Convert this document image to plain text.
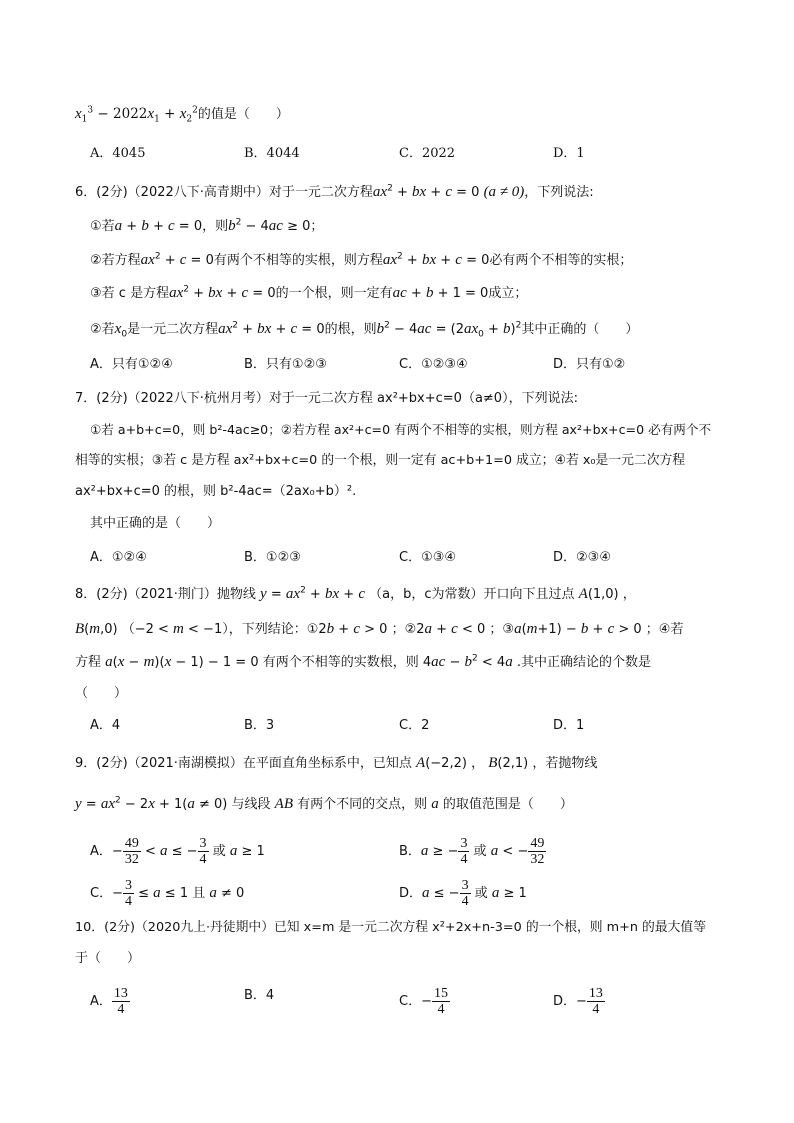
$x_1^3 - 2022x_1 + x_2^2$的值是（　　）
A．4045	B．4044	C．2022	D．1
6．(2分)（2022八下·高青期中）对于一元二次方程$ax^2$ + bx + c = 0 (a ≠ 0)，下列说法:
①若a + b + c = 0，则$b^2 - 4ac \ge 0$；
②若方程$ax^2 + c = 0$有两个不相等的实根，则方程$ax^2$ + bx + c = 0必有两个不相等的实根；
③若 c 是方程$ax^2$ + bx + c = 0的一个根，则一定有ac + b + 1 = 0成立；
②若$x_0$是一元二次方程$ax^2$ + bx + c = 0的根，则$b^2 - 4ac = (2ax_0 + b)^2$其中正确的（　　）
A．只有①②④	B．只有①②③	C．①②③④	D．只有①②
7．(2分)（2022八下·杭州月考）对于一元二次方程 ax²+bx+c=0（a≠0），下列说法:
①若 a+b+c=0，则 b²-4ac≥0；②若方程 ax²+c=0 有两个不相等的实根，则方程 ax²+bx+c=0 必有两个不
相等的实根；③若 c 是方程 ax²+bx+c=0 的一个根，则一定有 ac+b+1=0 成立；④若 x₀是一元二次方程
ax²+bx+c=0 的根，则 b²-4ac=（2ax₀+b）².
其中正确的是（　　）
A．①②④	B．①②③	C．①③④	D．②③④
8．(2分)（2021·荆门）抛物线 $y = ax^2$ + bx + c （a，b，c为常数）开口向下且过点 A(1,0) ，
B(m,0) （−2 < m < −1），下列结论：①2b + c > 0 ；②2a + c < 0 ；③a(m+1) − b + c > 0 ；④若
方程 a(x − m)(x − 1) − 1 = 0 有两个不相等的实数根，则 $4ac - b^2 < 4a$ .其中正确结论的个数是
（　　）
A．4	B．3	C．2	D．1
9．(2分)（2021·南湖模拟）在平面直角坐标系中，已知点 A(−2,2) ， B(2,1) ，若抛物线
$y = ax^2 - 2x + 1(a \ne 0)$ 与线段 AB 有两个不同的交点，则 a 的取值范围是（　　）
A．− $\frac{49}{32} < a$ ≤ − $\frac{3}{4}$ 或 a ≥ 1	B．a ≥ − $\frac{3}{4}$ 或 a < − $\frac{49}{32}$
C．− $\frac{3}{4} \le a \le 1$ 且 a ≠ 0	D．a ≤ − $\frac{3}{4}$ 或 a ≥ 1
10．(2分)（2020九上·丹徒期中）已知 x=m 是一元二次方程 x²+2x+n-3=0 的一个根，则 m+n 的最大值等
于（　　）
A． $\frac{13}{4}$	B．4	C．− $\frac{15}{4}$	D．− $\frac{13}{4}$
